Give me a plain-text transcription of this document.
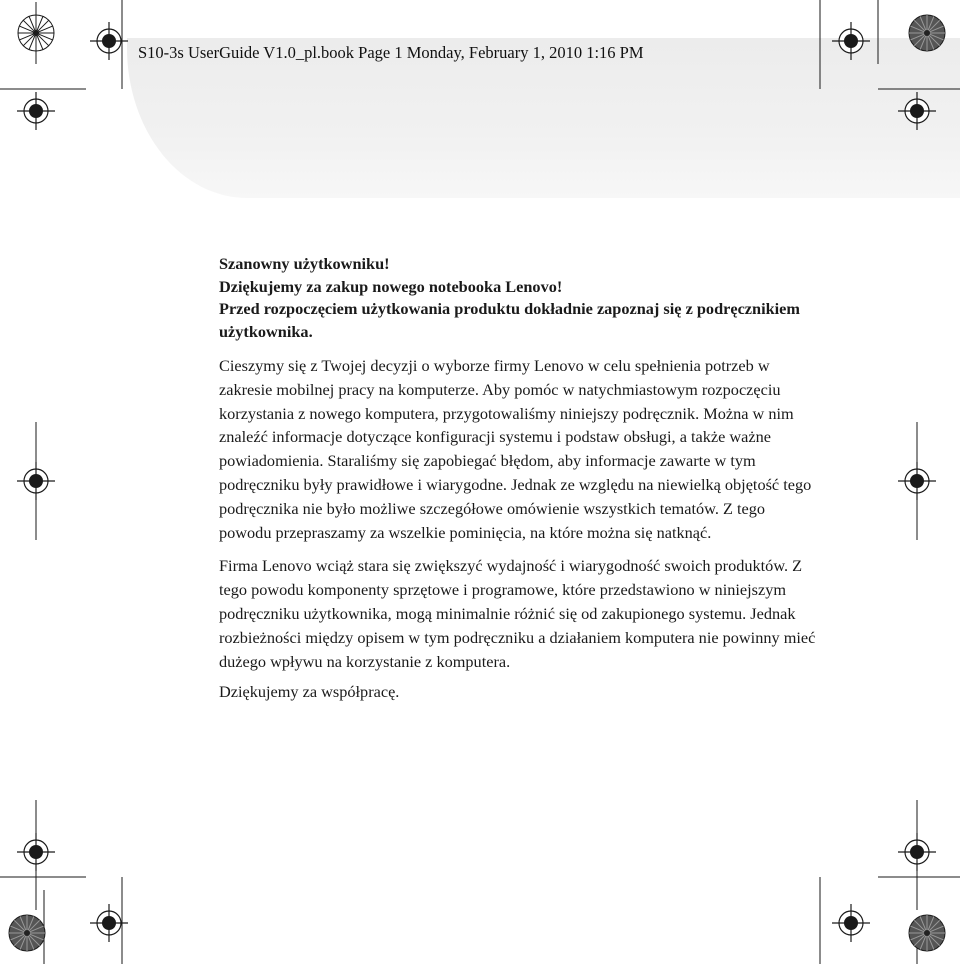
S10-3s UserGuide V1.0_pl.book Page 1 Monday, February 1, 2010 1:16 PM

Szanowny użytkowniku!

Dziękujemy za zakup nowego notebooka Lenovo!

Przed rozpoczęciem użytkowania produktu dokładnie zapoznaj się z podręcznikiem użytkownika.

Cieszymy się z Twojej decyzji o wyborze firmy Lenovo w celu spełnienia potrzeb w zakresie mobilnej pracy na komputerze. Aby pomóc w natychmiastowym rozpoczęciu korzystania z nowego komputera, przygotowaliśmy niniejszy podręcznik. Można w nim znaleźć informacje dotyczące konfiguracji systemu i podstaw obsługi, a także ważne powiadomienia. Staraliśmy się zapobiegać błędom, aby informacje zawarte w tym podręczniku były prawidłowe i wiarygodne. Jednak ze względu na niewielką objętość tego podręcznika nie było możliwe szczegółowe omówienie wszystkich tematów. Z tego powodu przepraszamy za wszelkie pominięcia, na które można się natknąć.

Firma Lenovo wciąż stara się zwiększyć wydajność i wiarygodność swoich produktów. Z tego powodu komponenty sprzętowe i programowe, które przedstawiono w niniejszym podręczniku użytkownika, mogą minimalnie różnić się od zakupionego systemu. Jednak rozbieżności między opisem w tym podręczniku a działaniem komputera nie powinny mieć dużego wpływu na korzystanie z komputera.

Dziękujemy za współpracę.
